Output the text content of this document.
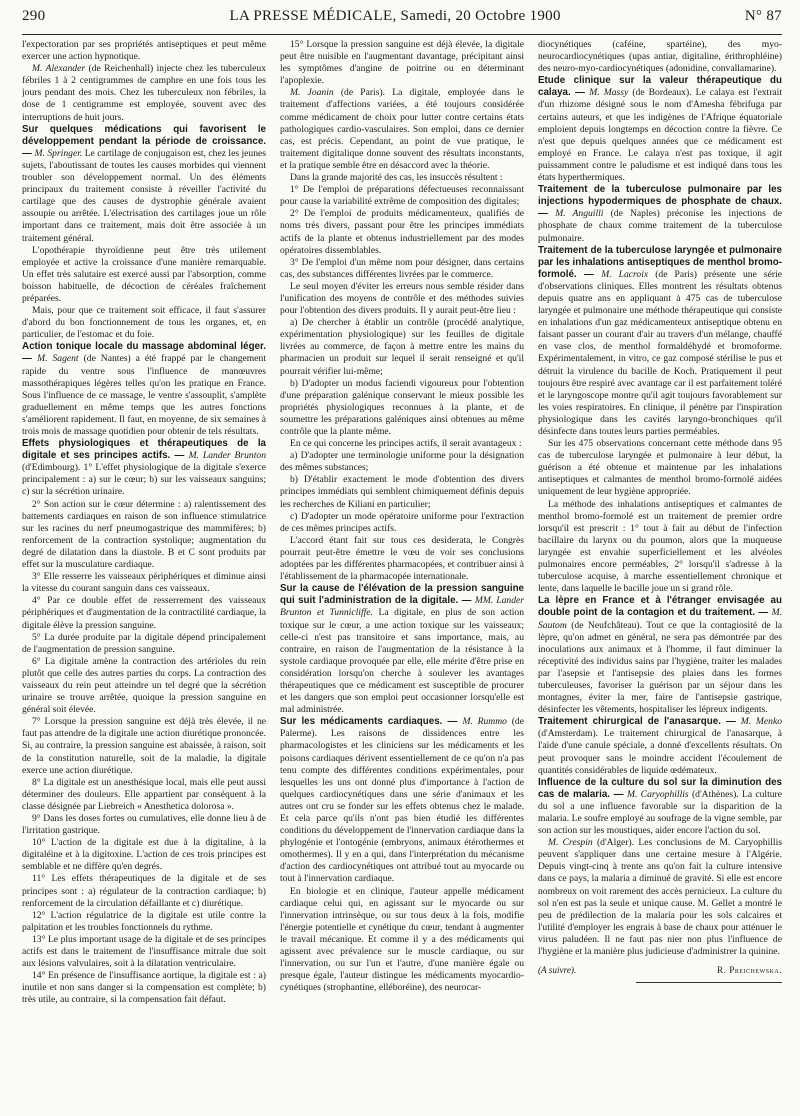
290	LA PRESSE MÉDICALE, Samedi, 20 Octobre 1900	N° 87

l'expectoration par ses propriétés antiseptiques et peut même exercer une action hypnotique.

M. Alexander (de Reichenhall) injecte chez les tuberculeux fébriles 1 à 2 centigrammes de camphre en une fois tous les jours pendant des mois. Chez les tuberculeux non fébriles, la dose de 1 centigramme est employée, souvent avec des interruptions de huit jours.

Sur quelques médications qui favorisent le développement pendant la période de croissance. — M. Springer. Le cartilage de conjugaison est, chez les jeunes sujets, l'aboutissant de toutes les causes morbides qui viennent troubler son développement normal. Un des éléments principaux du traitement consiste à réveiller l'activité du cartilage que des causes de dystrophie générale avaient assoupie ou arrêtée. L'électrisation des cartilages joue un rôle important dans ce traitement, mais doit être associée à un traitement général.

L'opothérapie thyroïdienne peut être très utilement employée et active la croissance d'une manière remarquable. Un effet très salutaire est exercé aussi par l'absorption, comme boisson habituelle, de décoction de céréales fraîchement préparées.

Mais, pour que ce traitement soit efficace, il faut s'assurer d'abord du bon fonctionnement de tous les organes, et, en particulier, de l'estomac et du foie.

Action tonique locale du massage abdominal léger. — M. Sagent (de Nantes) a été frappé par le changement rapide du ventre sous l'influence de manœuvres massothérapiques légères telles qu'on les pratique en France. Sous l'influence de ce massage, le ventre s'assouplit, s'amplète graduellement en même temps que les autres fonctions s'améliorent rapidement. Il faut, en moyenne, de six semaines à trois mois de massage quotidien pour obtenir de tels résultats.

Effets physiologiques et thérapeutiques de la digitale et ses principes actifs. — M. Lander Brunton (d'Edimbourg). 1° L'effet physiologique de la digitale s'exerce principalement : a) sur le cœur; b) sur les vaisseaux sanguins; c) sur la sécrétion urinaire.

2° Son action sur le cœur détermine : a) ralentissement des battements cardiaques en raison de son influence stimulatrice sur les racines du nerf pneumogastrique des mammifères; b) renforcement de la contraction systolique; augmentation du degré de dilatation dans la diastole. B et C sont produits par effet sur la musculature cardiaque.

3° Elle resserre les vaisseaux périphériques et diminue ainsi la vitesse du courant sanguin dans ces vaisseaux.

4° Par ce double effet de resserrement des vaisseaux périphériques et d'augmentation de la contractilité cardiaque, la digitale élève la pression sanguine.

5° La durée produite par la digitale dépend principalement de l'augmentation de pression sanguine.

6° La digitale amène la contraction des artérioles du rein plutôt que celle des autres parties du corps. La contraction des vaisseaux du rein peut atteindre un tel degré que la sécrétion urinaire se trouve arrêtée, quoique la pression sanguine en général soit élevée.

7° Lorsque la pression sanguine est déjà très élevée, il ne faut pas attendre de la digitale une action diurétique prononcée. Si, au contraire, la pression sanguine est abaissée, à raison, soit de la constitution naturelle, soit de la maladie, la digitale exerce une action diurétique.

8° La digitale est un anesthésique local, mais elle peut aussi déterminer des douleurs. Elle appartient par conséquent à la classe désignée par Liebreich « Anesthetica dolorosa ».

9° Dans les doses fortes ou cumulatives, elle donne lieu à de l'irritation gastrique.

10° L'action de la digitale est due à la digitaline, à la digitaléine et à la digitoxine. L'action de ces trois principes est semblable et ne diffère qu'en degrés.

11° Les effets thérapeutiques de la digitale et de ses principes sont : a) régulateur de la contraction cardiaque; b) renforcement de la circulation défaillante et c) diurétique.

12° L'action régulatrice de la digitale est utile contre la palpitation et les troubles fonctionnels du rythme.

13° Le plus important usage de la digitale et de ses principes actifs est dans le traitement de l'insuffisance mitrale due soit aux lésions valvulaires, soit à la dilatation ventriculaire.

14° En présence de l'insuffisance aortique, la digitale est : a) inutile et non sans danger si la compensation est complète; b) très utile, au contraire, si la compensation fait défaut.

15° Lorsque la pression sanguine est déjà élevée, la digitale peut être nuisible en l'augmentant davantage, précipitant ainsi les symptômes d'angine de poitrine ou en déterminant l'apoplexie.

M. Joanin (de Paris). La digitale, employée dans le traitement d'affections variées, a été toujours considérée comme médicament de choix pour lutter contre certains états pathologiques cardio-vasculaires. Son emploi, dans ce dernier cas, est précis. Cependant, au point de vue pratique, le traitement digitalique donne souvent des résultats inconstants, et la pratique semble être en désaccord avec la théorie.

Dans la grande majorité des cas, les insuccès résultent :

1° De l'emploi de préparations défectueuses reconnaissant pour cause la variabilité extrême de composition des digitales;

2° De l'emploi de produits médicamenteux, qualifiés de noms très divers, passant pour être les principes immédiats actifs de la plante et obtenus industriellement par des modes opératoires dissemblables.

3° De l'emploi d'un même nom pour désigner, dans certains cas, des substances différentes livrées par le commerce.

Le seul moyen d'éviter les erreurs nous semble résider dans l'unification des moyens de contrôle et des méthodes suivies pour l'obtention des divers produits. Il y aurait peut-être lieu :

a) De chercher à établir un contrôle (procédé analytique, expérimentation physiologique) sur les feuilles de digitale livrées au commerce, de façon à mettre entre les mains du pharmacien un produit sur lequel il serait renseigné et qu'il pourrait vérifier lui-même;

b) D'adopter un modus faciendi vigoureux pour l'obtention d'une préparation galénique conservant le mieux possible les propriétés physiologiques reconnues à la plante, et de soumettre les préparations galéniques ainsi obtenues au même contrôle que la plante même.

En ce qui concerne les principes actifs, il serait avantageux :

a) D'adopter une terminologie uniforme pour la désignation des mêmes substances;

b) D'établir exactement le mode d'obtention des divers principes immédiats qui semblent chimiquement définis depuis les recherches de Kiliani en particulier;

c) D'adopter un mode opératoire uniforme pour l'extraction de ces mêmes principes actifs.

L'accord étant fait sur tous ces desiderata, le Congrès pourrait peut-être émettre le vœu de voir ses conclusions adoptées par les différentes pharmacopées, et contribuer ainsi à l'établissement de la pharmacopée internationale.

Sur la cause de l'élévation de la pression sanguine qui suit l'administration de la digitale. — MM. Lander Brunton et Tunnicliffe. La digitale, en plus de son action toxique sur le cœur, a une action toxique sur les vaisseaux; celle-ci n'est pas transitoire et sans importance, mais, au contraire, en raison de l'augmentation de la résistance à la systole cardiaque provoquée par elle, elle mérite d'être prise en considération lorsqu'on cherche à soulever les avantages thérapeutiques que ce médicament est susceptible de procurer et les dangers que son emploi peut occasionner lorsqu'elle est mal administrée.

Sur les médicaments cardiaques. — M. Rummo (de Palerme). Les raisons de dissidences entre les pharmacologistes et les cliniciens sur les médicaments et les poisons cardiaques dérivent essentiellement de ce qu'on n'a pas tenu compte des différentes conditions expérimentales, pour lesquelles les uns ont donné plus d'importance à l'action de quelques cardiocynétiques dans une série d'animaux et les autres ont cru se fonder sur les effets obtenus chez le malade. Et cela parce qu'ils n'ont pas bien étudié les différentes conditions du développement de l'innervation cardiaque dans la phylogénie et l'ontogénie (embryons, animaux étérothermes et omothermes). Il y en a qui, dans l'interprétation du mécanisme d'action des cardiocynétiques ont attribué tout au myocarde ou tout à l'innervation cardiaque.

En biologie et en clinique, l'auteur appelle médicament cardiaque celui qui, en agissant sur le myocarde ou sur l'innervation intrinsèque, ou sur tous deux à la fois, modifie l'énergie potentielle et cynétique du cœur, tendant à augmenter le travail mécanique. Et comme il y a des médicaments qui agissent avec prévalence sur le muscle cardiaque, ou sur l'innervation, ou sur l'un et l'autre, d'une manière égale ou presque égale, l'auteur distingue les médicaments myocardio-cynétiques (strophantine, elléboréine), des neurocar-

diocynétiques (caféine, spartéine), des myo-neurocardiocynétiques (upas antiar, digitaline, érithrophléine) des neuro-myo-cardiocynétiques (adonidine, convallamarine).

Etude clinique sur la valeur thérapeutique du calaya. — M. Massy (de Bordeaux). Le calaya est l'extrait d'un rhizome désigné sous le nom d'Amesha fébrifuga par certains auteurs, et que les indigènes de l'Afrique équatoriale emploient depuis longtemps en décoction contre la fièvre. Ce n'est que depuis quelques années que ce médicament est employé en France. Le calaya n'est pas toxique, il agit puissamment contre le paludisme et est indiqué dans tous les états hyperthermiques.

Traitement de la tuberculose pulmonaire par les injections hypodermiques de phosphate de chaux. — M. Anguilli (de Naples) préconise les injections de phosphate de chaux comme traitement de la tuberculose pulmonaire.

Traitement de la tuberculose laryngée et pulmonaire par les inhalations antiseptiques de menthol bromo-formolé. — M. Lacroix (de Paris) présente une série d'observations cliniques. Elles montrent les résultats obtenus depuis quatre ans en appliquant à 475 cas de tuberculose laryngée et pulmonaire une méthode thérapeutique qui consiste en inhalations d'un gaz médicamenteux antiseptique obtenu en faisant passer un courant d'air au travers d'un mélange, chauffé en vase clos, de menthol formaldéhydé et bromoforme. Expérimentalement, in vitro, ce gaz composé stérilise le pus et détruit la virulence du bacille de Koch. Pratiquement il peut toujours être respiré avec avantage car il est parfaitement toléré et le laryngoscope montre qu'il agit toujours favorablement sur les voies respiratoires. En clinique, il pénètre par l'inspiration physiologique dans les cavités laryngo-bronchiques qu'il désinfecte dans toutes leurs parties perméables.

Sur les 475 observations concernant cette méthode dans 95 cas de tuberculose laryngée et pulmonaire à leur début, la guérison a été obtenue et maintenue par les inhalations antiseptiques et calmantes de menthol bromo-formolé aidées uniquement de leur hygiène appropriée.

La méthode des inhalations antiseptiques et calmantes de menthol bromo-formolé est un traitement de premier ordre lorsqu'il est prescrit : 1° tout à fait au début de l'infection bacillaire du larynx ou du poumon, alors que la muqueuse laryngée est envahie superficiellement et les alvéoles pulmonaires encore perméables, 2° lorsqu'il s'adresse à la tuberculose acquise, à marche essentiellement chronique et lente, dans laquelle le bacille joue un si grand rôle.

La lèpre en France et à l'étranger envisagée au double point de la contagion et du traitement. — M. Sautom (de Neufchâteau). Tout ce que la contagiosité de la lèpre, qu'on admet en général, ne sera pas démontrée par des inoculations aux animaux et à l'homme, il faut diminuer la réceptivité des individus sains par l'hygiène, traiter les malades par l'asepsie et l'antisepsie des plaies dans les formes tuberculeuses, favoriser la guérison par un séjour dans les montagnes, éviter la mer, faire de l'antisepsie gastrique, désinfecter les vêtements, hospitaliser les lépreux indigents.

Traitement chirurgical de l'anasarque. — M. Menko (d'Amsterdam). Le traitement chirurgical de l'anasarque, à l'aide d'une canule spéciale, a donné d'excellents résultats. On peut provoquer sans le moindre accident l'écoulement de quantités considérables de liquide œdémateux.

Influence de la culture du sol sur la diminution des cas de malaria. — M. Caryophillis (d'Athènes). La culture du sol a une influence favorable sur la disparition de la malaria. Le soufre employé au soufrage de la vigne semble, par son action sur les moustiques, aider encore l'action du sol.

M. Crespin (d'Alger). Les conclusions de M. Caryophillis peuvent s'appliquer dans une certaine mesure à l'Algérie. Depuis vingt-cinq à trente ans qu'on fait la culture intensive dans ce pays, la malaria a diminué de gravité. Si elle est encore nombreux on voit rarement des accès pernicieux. La culture du sol n'en est pas la seule et unique cause. M. Gellet a montré le peu de prédilection de la malaria pour les sols calcaires et l'utilité d'employer les engrais à base de chaux pour atténuer le virus paludéen. Il ne faut pas nier non plus l'influence de l'hygiène et la manière plus judicieuse d'administrer la quinine.

(A suivre).	R. Preichewska.
